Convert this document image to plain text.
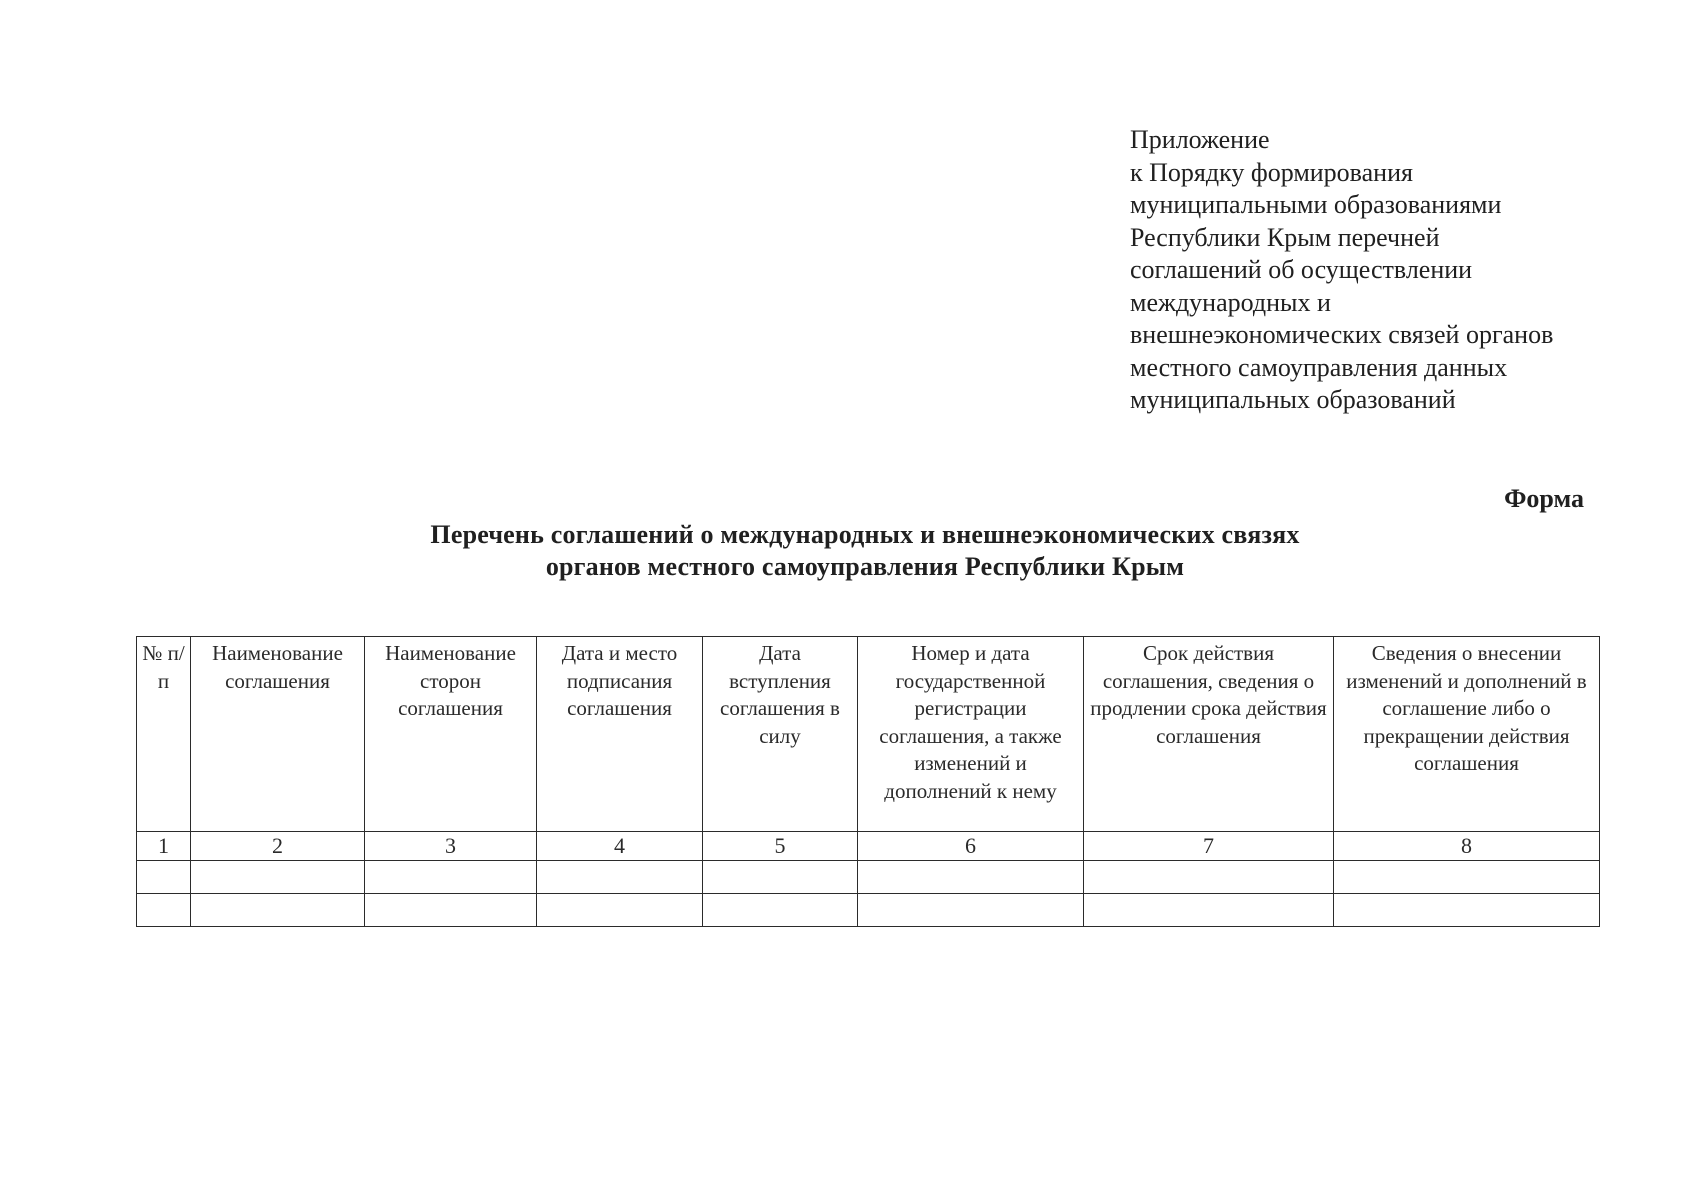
Приложение
к Порядку формирования
муниципальными образованиями
Республики Крым перечней
соглашений об осуществлении
международных и
внешнеэкономических связей органов
местного самоуправления данных
муниципальных образований
Форма
Перечень соглашений о международных и внешнеэкономических связях
органов местного самоуправления Республики Крым
№ п/п	Наименование соглашения	Наименование сторон соглашения	Дата и место подписания соглашения	Дата вступления соглашения в силу	Номер и дата государственной регистрации соглашения, а также изменений и дополнений к нему	Срок действия соглашения, сведения о продлении срока действия соглашения	Сведения о внесении изменений и дополнений в соглашение либо о прекращении действия соглашения
1	2	3	4	5	6	7	8
